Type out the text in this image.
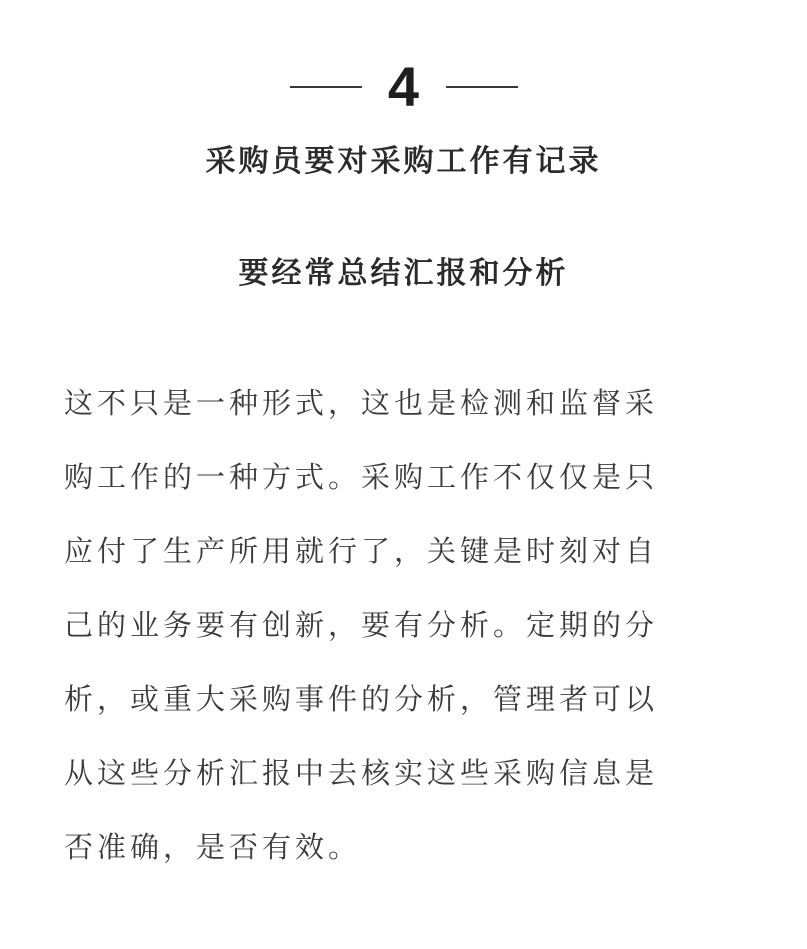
4
采购员要对采购工作有记录
要经常总结汇报和分析
这不只是一种形式，这也是检测和监督采
购工作的一种方式。采购工作不仅仅是只
应付了生产所用就行了，关键是时刻对自
己的业务要有创新，要有分析。定期的分
析，或重大采购事件的分析，管理者可以
从这些分析汇报中去核实这些采购信息是
否准确，是否有效。
